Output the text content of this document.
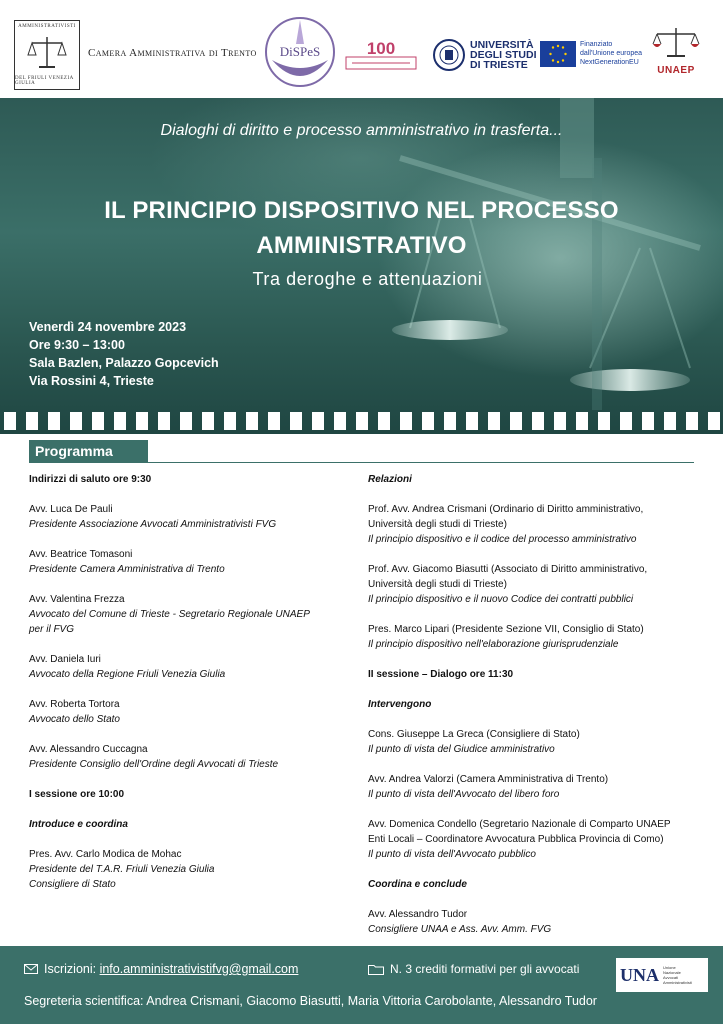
AMMINISTRATIVISTI
DEL FRIULI VENEZIA GIULIA
Camera Amministrativa di Trento DiSPeS	100	UNIVERSITÀ
DEGLI STUDI
DI TRIESTE
Finanziato
dall'Unione europea
NextGenerationEU
UNAEP
Dialoghi di diritto e processo amministrativo in trasferta...
IL PRINCIPIO DISPOSITIVO NEL PROCESSO AMMINISTRATIVO
Tra deroghe e attenuazioni
Venerdì 24 novembre 2023
Ore 9:30 – 13:00
Sala Bazlen, Palazzo Gopcevich
Via Rossini 4, Trieste
Programma
Indirizzi di saluto ore 9:30
Avv. Luca De Pauli
Presidente Associazione Avvocati Amministrativisti FVG
Avv. Beatrice Tomasoni
Presidente Camera Amministrativa di Trento
Avv. Valentina Frezza
Avvocato del Comune di Trieste - Segretario Regionale UNAEP
per il FVG
Avv. Daniela Iuri
Avvocato della Regione Friuli Venezia Giulia
Avv. Roberta Tortora
Avvocato dello Stato
Avv. Alessandro Cuccagna
Presidente Consiglio dell'Ordine degli Avvocati di Trieste
I sessione ore 10:00
Introduce e coordina
Pres. Avv. Carlo Modica de Mohac
Presidente del T.A.R. Friuli Venezia Giulia
Consigliere di Stato
Relazioni
Prof. Avv. Andrea Crismani (Ordinario di Diritto amministrativo,
Università degli studi di Trieste)
Il principio dispositivo e il codice del processo amministrativo
Prof. Avv. Giacomo Biasutti (Associato di Diritto amministrativo,
Università degli studi di Trieste)
Il principio dispositivo e il nuovo Codice dei contratti pubblici
Pres. Marco Lipari (Presidente Sezione VII, Consiglio di Stato)
Il principio dispositivo nell'elaborazione giurisprudenziale
II sessione – Dialogo ore 11:30
Intervengono
Cons. Giuseppe La Greca (Consigliere di Stato)
Il punto di vista del Giudice amministrativo
Avv. Andrea Valorzi (Camera Amministrativa di Trento)
Il punto di vista dell'Avvocato del libero foro
Avv. Domenica Condello (Segretario Nazionale di Comparto UNAEP
Enti Locali – Coordinatore Avvocatura Pubblica Provincia di Como)
Il punto di vista dell'Avvocato pubblico
Coordina e conclude
Avv. Alessandro Tudor
Consigliere UNAA e Ass. Avv. Amm. FVG
Iscrizioni:
info.amministrativistifvg@gmail.com	N. 3 crediti formativi per gli avvocati UNA	Unione
Nazionale
Avvocati
Amministrativisti
Segreteria scientifica: Andrea Crismani, Giacomo Biasutti, Maria Vittoria Carobolante, Alessandro Tudor
